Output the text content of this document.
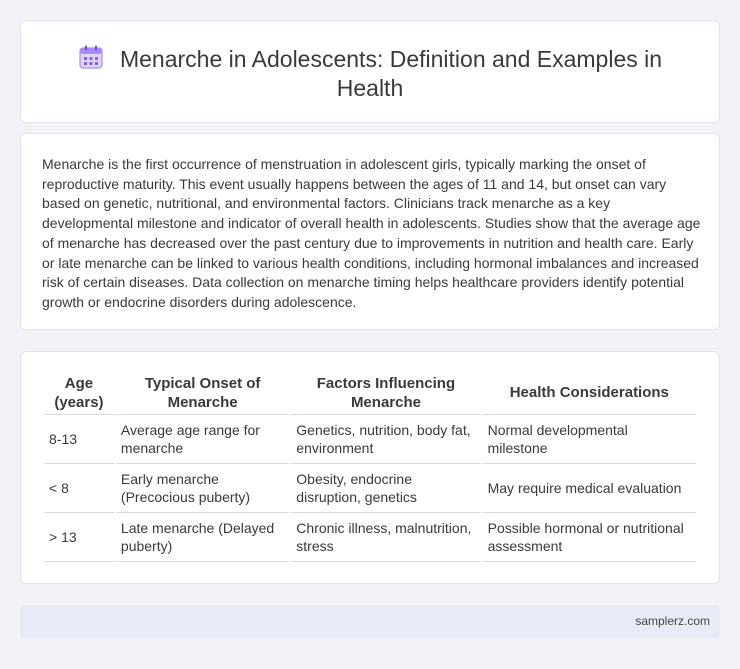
Menarche in Adolescents: Definition and Examples in Health

Menarche is the first occurrence of menstruation in adolescent girls, typically marking the onset of reproductive maturity. This event usually happens between the ages of 11 and 14, but onset can vary based on genetic, nutritional, and environmental factors. Clinicians track menarche as a key developmental milestone and indicator of overall health in adolescents. Studies show that the average age of menarche has decreased over the past century due to improvements in nutrition and health care. Early or late menarche can be linked to various health conditions, including hormonal imbalances and increased risk of certain diseases. Data collection on menarche timing helps healthcare providers identify potential growth or endocrine disorders during adolescence.

Age (years)	Typical Onset of Menarche	Factors Influencing Menarche	Health Considerations
8-13	Average age range for menarche	Genetics, nutrition, body fat, environment	Normal developmental milestone
< 8	Early menarche (Precocious puberty)	Obesity, endocrine disruption, genetics	May require medical evaluation
> 13	Late menarche (Delayed puberty)	Chronic illness, malnutrition, stress	Possible hormonal or nutritional assessment
samplerz.com
